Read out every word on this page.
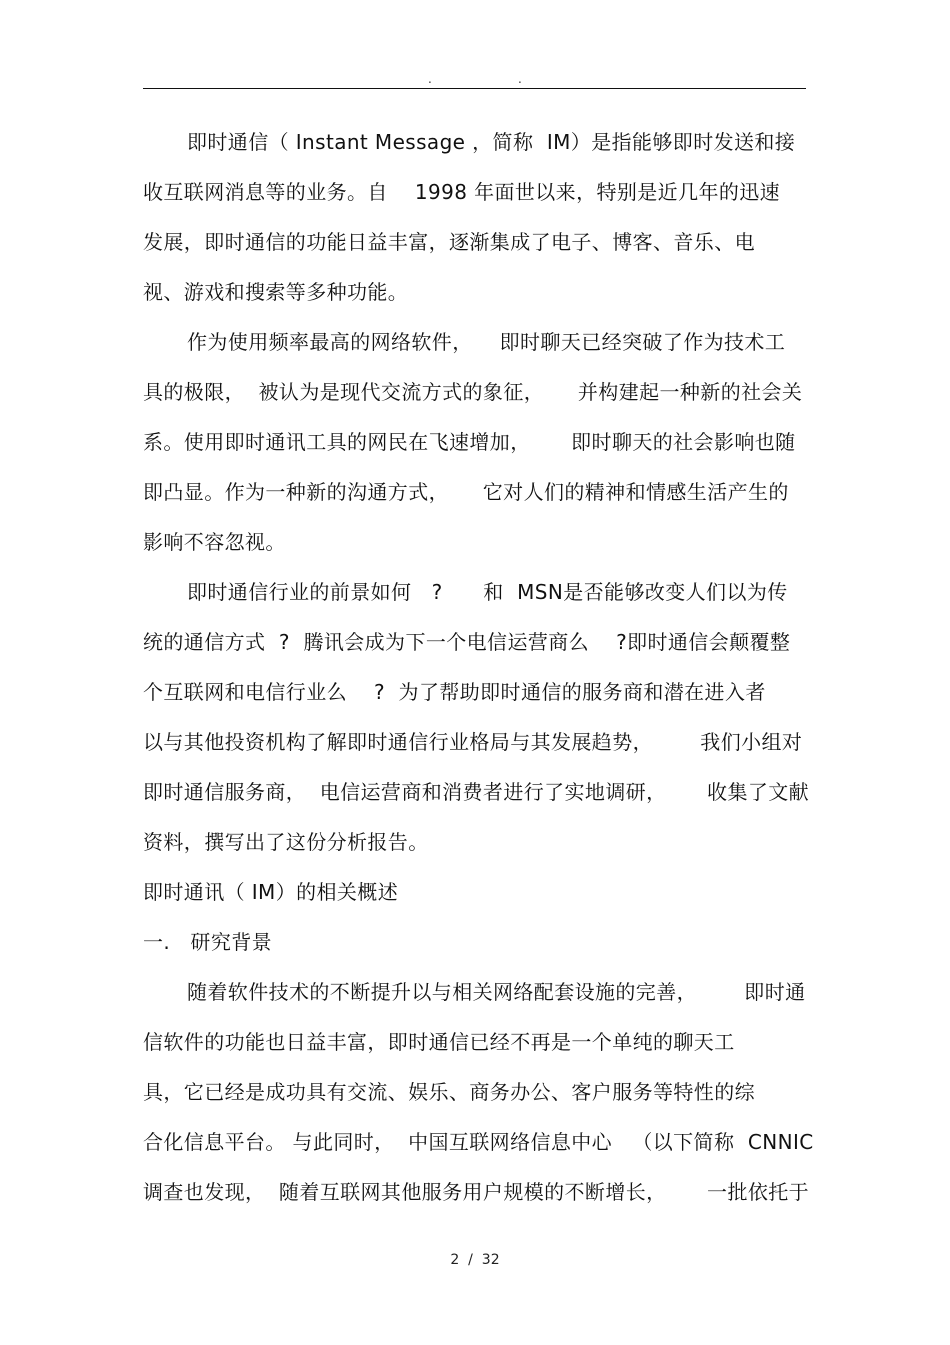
.	.
即时通信（ Instant Message ，简称  IM）是指能够即时发送和接
收互联网消息等的业务。自    1998 年面世以来，特别是近几年的迅速
发展，即时通信的功能日益丰富，逐渐集成了电子、博客、音乐、电
视、游戏和搜索等多种功能。
作为使用频率最高的网络软件，    即时聊天已经突破了作为技术工
具的极限，  被认为是现代交流方式的象征，     并构建起一种新的社会关
系。使用即时通讯工具的网民在飞速增加，      即时聊天的社会影响也随
即凸显。作为一种新的沟通方式，     它对人们的精神和情感生活产生的
影响不容忽视。
即时通信行业的前景如何   ?      和  MSN是否能够改变人们以为传
统的通信方式  ?  腾讯会成为下一个电信运营商么    ?即时通信会颠覆整
个互联网和电信行业么    ?  为了帮助即时通信的服务商和潜在进入者
以与其他投资机构了解即时通信行业格局与其发展趋势，       我们小组对
即时通信服务商，  电信运营商和消费者进行了实地调研，      收集了文献
资料，撰写出了这份分析报告。
即时通讯（ IM）的相关概述
一.   研究背景
随着软件技术的不断提升以与相关网络配套设施的完善，       即时通
信软件的功能也日益丰富，即时通信已经不再是一个单纯的聊天工
具，它已经是成功具有交流、娱乐、商务办公、客户服务等特性的综
合化信息平台。 与此同时，  中国互联网络信息中心   （以下简称  CNNIC
调查也发现，  随着互联网其他服务用户规模的不断增长，      一批依托于
2  /  32
